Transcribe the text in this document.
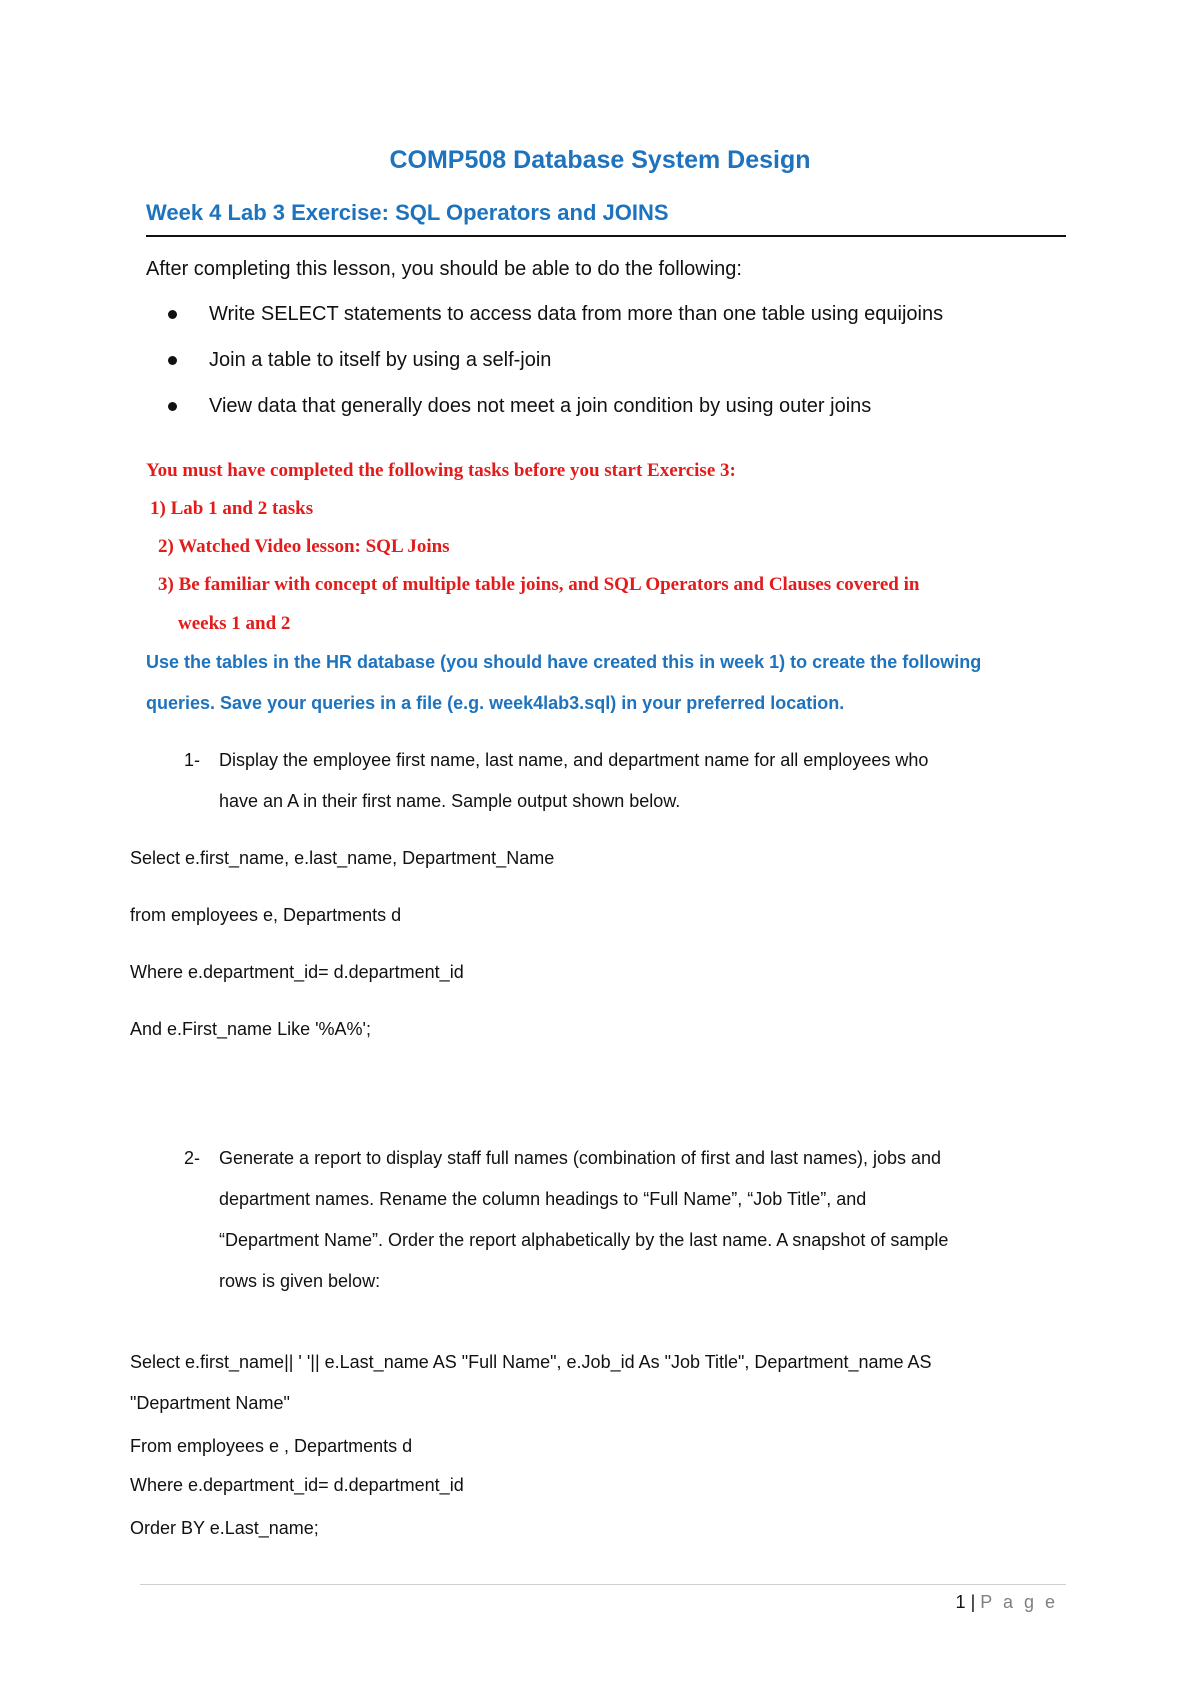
COMP508 Database System Design
Week 4 Lab 3 Exercise: SQL Operators and JOINS
After completing this lesson, you should be able to do the following:
Write SELECT statements to access data from more than one table using equijoins
Join a table to itself by using a self-join
View data that generally does not meet a join condition by using outer joins
You must have completed the following tasks before you start Exercise 3:
1) Lab 1 and 2 tasks
2) Watched Video lesson: SQL Joins
3) Be familiar with concept of multiple table joins, and SQL Operators and Clauses covered in
weeks 1 and 2
Use the tables in the HR database (you should have created this in week 1) to create the following
queries. Save your queries in a file (e.g. week4lab3.sql) in your preferred location.
1- Display the employee first name, last name, and department name for all employees who
have an A in their first name. Sample output shown below.
Select e.first_name, e.last_name, Department_Name
from employees e, Departments d
Where e.department_id= d.department_id
And e.First_name Like '%A%';
2- Generate a report to display staff full names (combination of first and last names), jobs and
department names. Rename the column headings to “Full Name”, “Job Title”, and
“Department Name”. Order the report alphabetically by the last name. A snapshot of sample
rows is given below:
Select e.first_name|| ' '|| e.Last_name AS "Full Name", e.Job_id As "Job Title", Department_name AS
"Department Name"
From employees e , Departments d
Where e.department_id= d.department_id
Order BY e.Last_name;
1 | P a g e
